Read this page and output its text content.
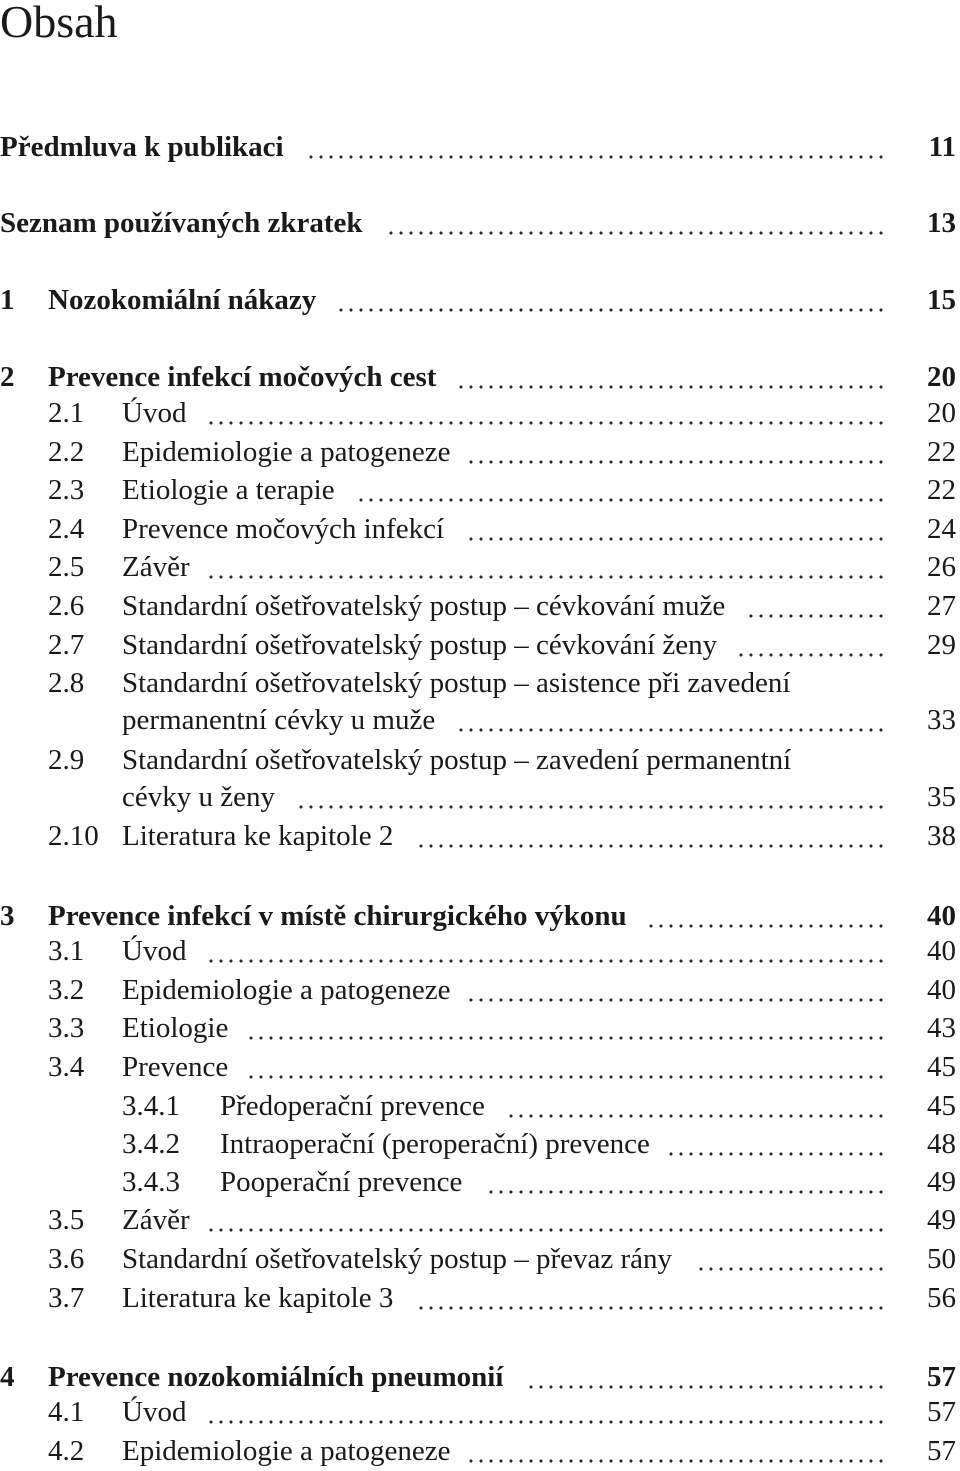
Obsah
Předmluva k publikaci	11
Seznam používaných zkratek	13
1 Nozokomiální nákazy	15
2 Prevence infekcí močových cest	20
2.1 Úvod	20
2.2 Epidemiologie a patogeneze	22
2.3 Etiologie a terapie	22
2.4 Prevence močových infekcí	24
2.5 Závěr	26
2.6 Standardní ošetřovatelský postup – cévkování muže	27
2.7 Standardní ošetřovatelský postup – cévkování ženy	29
2.8 Standardní ošetřovatelský postup – asistence při zavedení
permanentní cévky u muže	33
2.9 Standardní ošetřovatelský postup – zavedení permanentní
cévky u ženy	35
2.10 Literatura ke kapitole 2	38
3 Prevence infekcí v místě chirurgického výkonu	40
3.1 Úvod	40
3.2 Epidemiologie a patogeneze	40
3.3 Etiologie	43
3.4 Prevence	45
3.4.1 Předoperační prevence	45
3.4.2 Intraoperační (peroperační) prevence	48
3.4.3 Pooperační prevence	49
3.5 Závěr	49
3.6 Standardní ošetřovatelský postup – převaz rány	50
3.7 Literatura ke kapitole 3	56
4 Prevence nozokomiálních pneumonií	57
4.1 Úvod	57
4.2 Epidemiologie a patogeneze	57
